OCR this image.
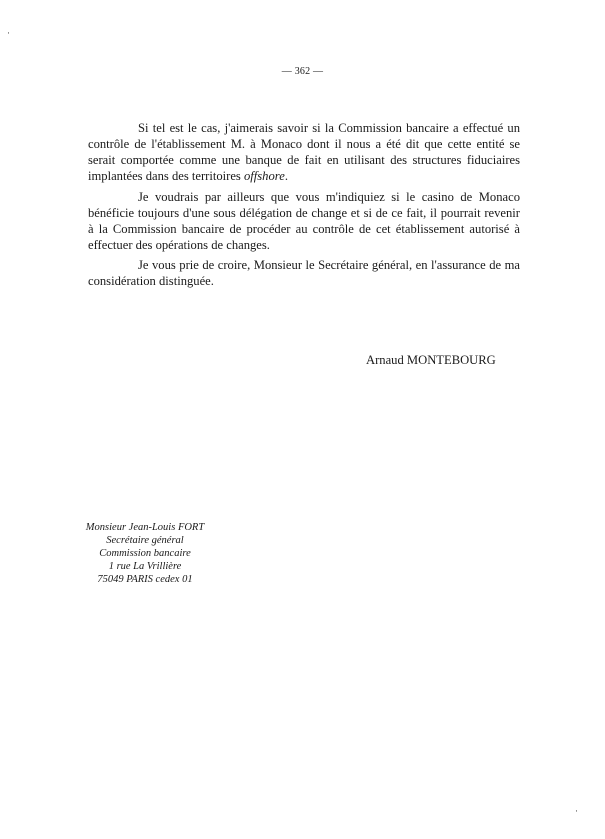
— 362 —

Si tel est le cas, j'aimerais savoir si la Commission bancaire a effectué un contrôle de l'établissement M. à Monaco dont il nous a été dit que cette entité se serait comportée comme une banque de fait en utilisant des structures fiduciaires implantées dans des territoires offshore.

Je voudrais par ailleurs que vous m'indiquiez si le casino de Monaco bénéficie toujours d'une sous délégation de change et si de ce fait, il pourrait revenir à la Commission bancaire de procéder au contrôle de cet établissement autorisé à effectuer des opérations de changes.

Je vous prie de croire, Monsieur le Secrétaire général, en l'assurance de ma considération distinguée.

Arnaud MONTEBOURG
Monsieur Jean-Louis FORT
Secrétaire général
Commission bancaire
1 rue La Vrillière
75049 PARIS cedex 01
·
·
